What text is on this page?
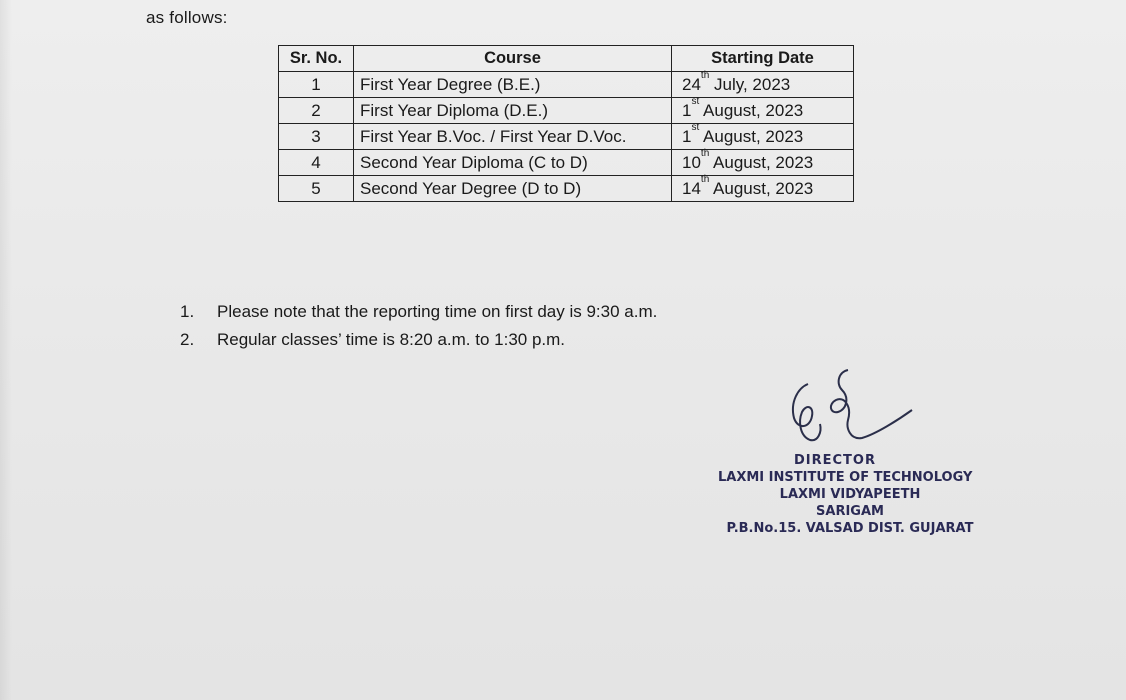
as follows:
Sr. No.	Course	Starting Date
1	First Year Degree (B.E.)	24th July, 2023
2	First Year Diploma (D.E.)	1st August, 2023
3	First Year B.Voc. / First Year D.Voc.	1st August, 2023
4	Second Year Diploma (C to D)	10th August, 2023
5	Second Year Degree (D to D)	14th August, 2023
1. Please note that the reporting time on first day is 9:30 a.m.
2. Regular classes’ time is 8:20 a.m. to 1:30 p.m.
DIRECTOR
LAXMI INSTITUTE OF TECHNOLOGY
LAXMI VIDYAPEETH
SARIGAM
P.B.No.15. VALSAD DIST. GUJARAT
